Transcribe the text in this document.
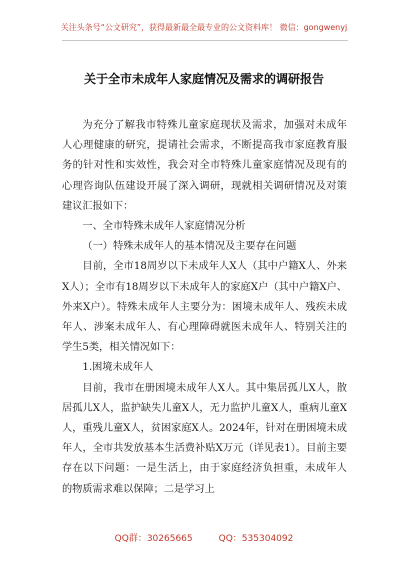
关注头条号“公文研究”，获得最新最全最专业的公文资料库！ 微信：gongwenyj
关于全市未成年人家庭情况及需求的调研报告

为充分了解我市特殊儿童家庭现状及需求，加强对未成年人心理健康的研究，提请社会需求，不断提高我市家庭教育服务的针对性和实效性，我会对全市特殊儿童家庭情况及现有的心理咨询队伍建设开展了深入调研，现就相关调研情况及对策建议汇报如下：

一、全市特殊未成年人家庭情况分析

（一）特殊未成年人的基本情况及主要存在问题

目前，全市18周岁以下未成年人X人（其中户籍X人、外来X人）；全市有18周岁以下未成年人的家庭X户（其中户籍X户、外来X户）。特殊未成年人主要分为：困境未成年人、残疾未成年人、涉案未成年人、有心理障碍就医未成年人、特别关注的学生5类，相关情况如下：

1.困境未成年人

目前，我市在册困境未成年人X人。其中集居孤儿X人，散居孤儿X人，监护缺失儿童X人，无力监护儿童X人，重病儿童X人，重残儿童X人，贫困家庭X人。2024年，针对在册困境未成年人，全市共发放基本生活费补贴X万元（详见表1）。目前主要存在以下问题：一是生活上，由于家庭经济负担重，未成年人的物质需求难以保障；二是学习上

QQ群：30265665	QQ：535304092
